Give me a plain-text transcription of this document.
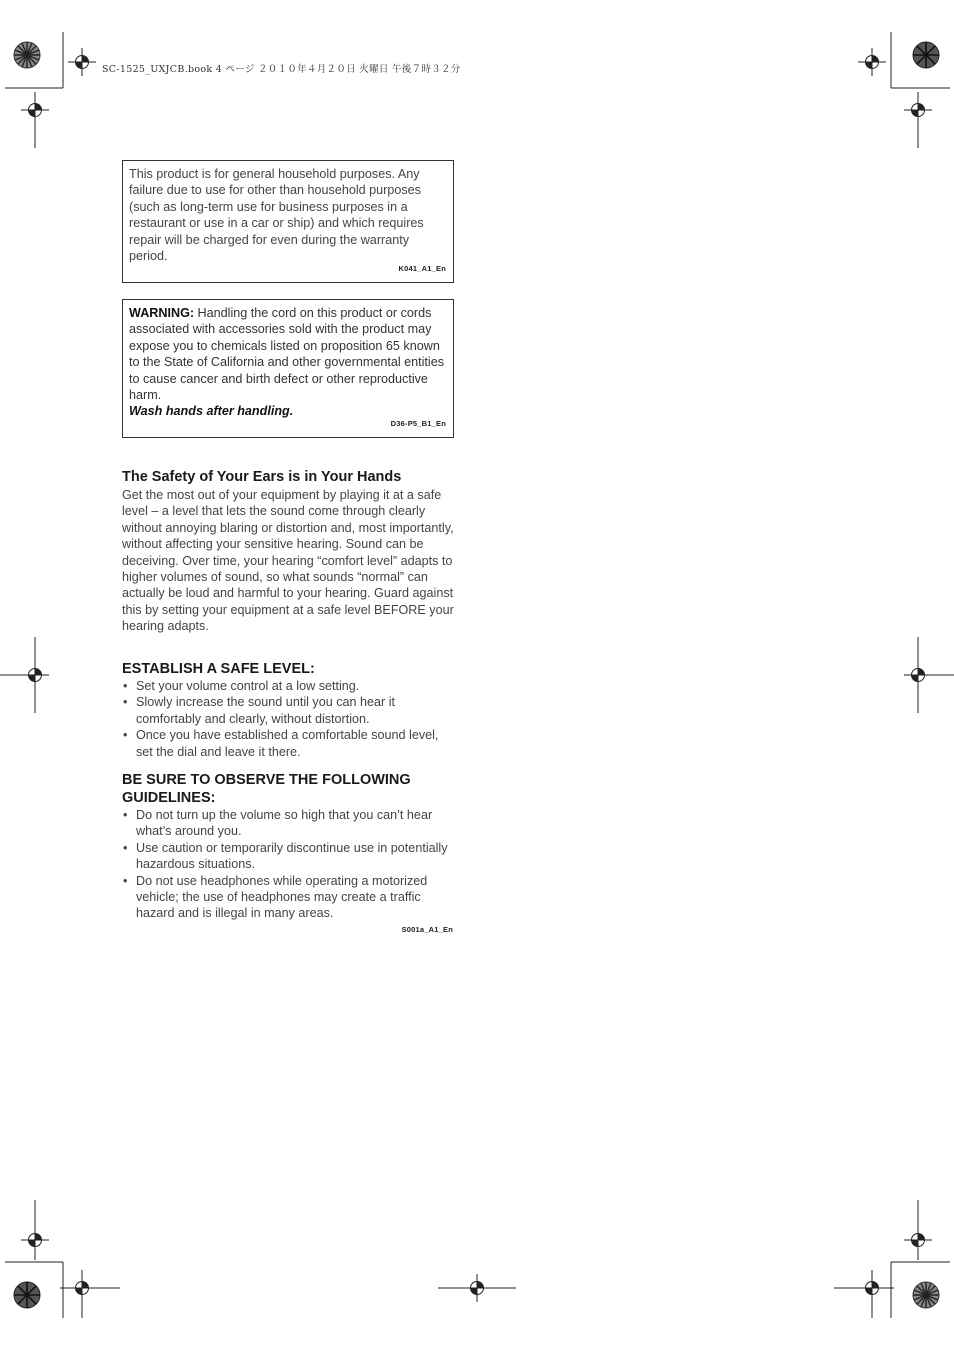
SC-1525_UXJCB.book 4 ページ ２０１０年４月２０日 火曜日 午後７時３２分
This product is for general household purposes. Any failure due to use for other than household purposes (such as long-term use for business purposes in a restaurant or use in a car or ship) and which requires repair will be charged for even during the warranty period.
K041_A1_En
WARNING: Handling the cord on this product or cords associated with accessories sold with the product may expose you to chemicals listed on proposition 65 known to the State of California and other governmental entities to cause cancer and birth defect or other reproductive harm.
Wash hands after handling.
D36-P5_B1_En
The Safety of Your Ears is in Your Hands

Get the most out of your equipment by playing it at a safe level – a level that lets the sound come through clearly without annoying blaring or distortion and, most importantly, without affecting your sensitive hearing. Sound can be deceiving. Over time, your hearing “comfort level” adapts to higher volumes of sound, so what sounds “normal” can actually be loud and harmful to your hearing. Guard against this by setting your equipment at a safe level BEFORE your hearing adapts.

ESTABLISH A SAFE LEVEL:
• Set your volume control at a low setting.
• Slowly increase the sound until you can hear it comfortably and clearly, without distortion.
• Once you have established a comfortable sound level, set the dial and leave it there.
BE SURE TO OBSERVE THE FOLLOWING GUIDELINES:
• Do not turn up the volume so high that you can’t hear what’s around you.
• Use caution or temporarily discontinue use in potentially hazardous situations.
• Do not use headphones while operating a motorized vehicle; the use of headphones may create a traffic hazard and is illegal in many areas.
S001a_A1_En
